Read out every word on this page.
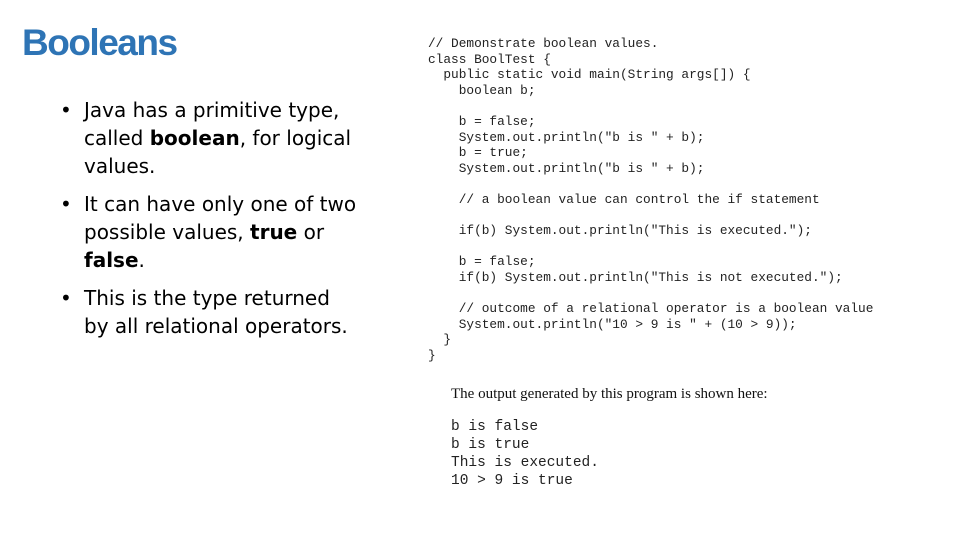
Booleans
• Java has a primitive type, called boolean, for logical values.
• It can have only one of two possible values, true or false.
• This is the type returned by all relational operators.
// Demonstrate boolean values.
class BoolTest {
public static void main(String args[]) {
boolean b;

b = false;
System.out.println("b is " + b);
b = true;
System.out.println("b is " + b);

// a boolean value can control the if statement

if(b) System.out.println("This is executed.");

b = false;
if(b) System.out.println("This is not executed.");

// outcome of a relational operator is a boolean value
System.out.println("10 > 9 is " + (10 > 9));
}
}

The output generated by this program is shown here:

b is false
b is true
This is executed.
10 > 9 is true
